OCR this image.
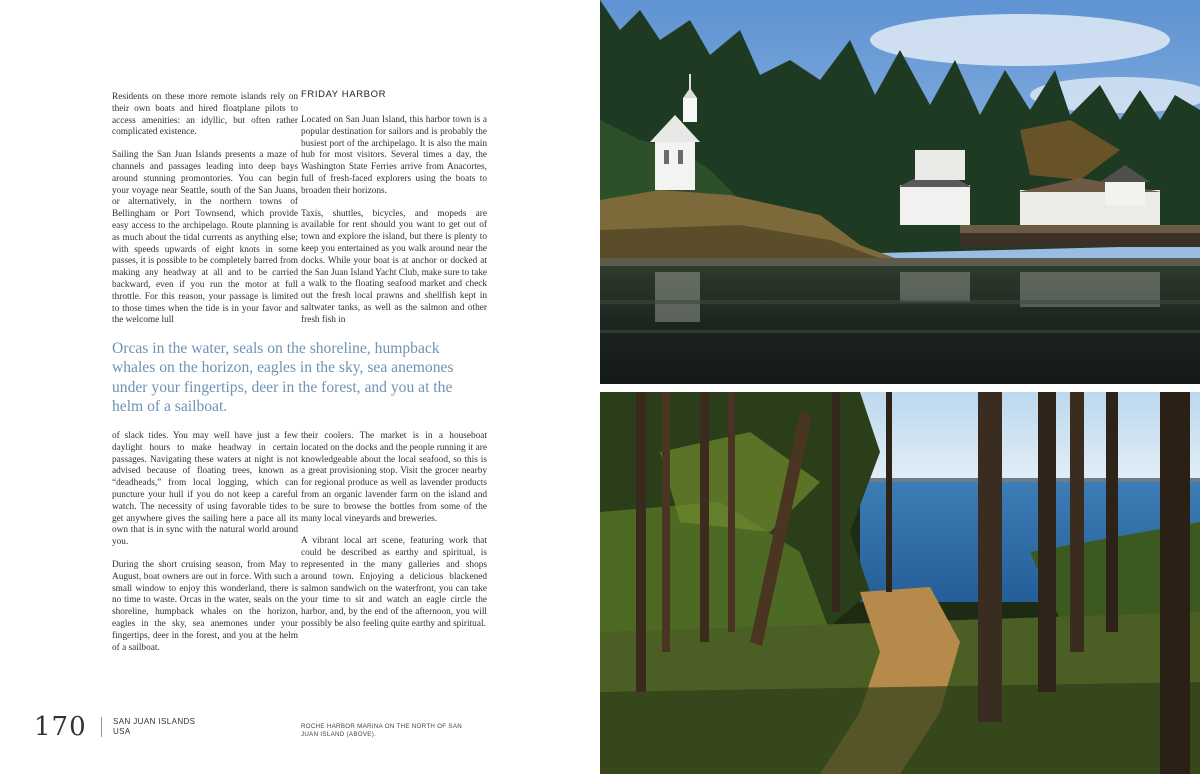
Residents on these more remote islands rely on their own boats and hired floatplane pilots to access amenities: an idyllic, but often rather complicated existence.

Sailing the San Juan Islands presents a maze of channels and passages leading into deep bays around stunning promontories. You can begin your voyage near Seattle, south of the San Juans, or alternatively, in the northern towns of Bellingham or Port Townsend, which provide easy access to the archipelago. Route planning is as much about the tidal currents as anything else; with speeds upwards of eight knots in some passes, it is possible to be completely barred from making any headway at all and to be carried backward, even if you run the motor at full throttle. For this reason, your passage is limited to those times when the tide is in your favor and the welcome lull

FRIDAY HARBOR

Located on San Juan Island, this harbor town is a popular destination for sailors and is probably the busiest port of the archipelago. It is also the main hub for most visitors. Several times a day, the Washington State Ferries arrive from Anacortes, full of fresh-faced explorers using the boats to broaden their horizons.

Taxis, shuttles, bicycles, and mopeds are available for rent should you want to get out of town and explore the island, but there is plenty to keep you entertained as you walk around near the docks. While your boat is at anchor or docked at the San Juan Island Yacht Club, make sure to take a walk to the floating seafood market and check out the fresh local prawns and shellfish kept in saltwater tanks, as well as the salmon and other fresh fish in

Orcas in the water, seals on the shoreline, humpback whales on the horizon, eagles in the sky, sea anemones under your fingertips, deer in the forest, and you at the helm of a sailboat.

of slack tides. You may well have just a few daylight hours to make headway in certain passages. Navigating these waters at night is not advised because of floating trees, known as “deadheads,” from local logging, which can puncture your hull if you do not keep a careful watch. The necessity of using favorable tides to get anywhere gives the sailing here a pace all its own that is in sync with the natural world around you.

During the short cruising season, from May to August, boat owners are out in force. With such a small window to enjoy this wonderland, there is no time to waste. Orcas in the water, seals on the shoreline, humpback whales on the horizon, eagles in the sky, sea anemones under your fingertips, deer in the forest, and you at the helm of a sailboat.

their coolers. The market is in a houseboat located on the docks and the people running it are knowledgeable about the local seafood, so this is a great provisioning stop. Visit the grocer nearby for regional produce as well as lavender products from an organic lavender farm on the island and be sure to browse the bottles from some of the many local vineyards and breweries.

A vibrant local art scene, featuring work that could be described as earthy and spiritual, is represented in the many galleries and shops around town. Enjoying a delicious blackened salmon sandwich on the waterfront, you can take your time to sit and watch an eagle circle the harbor, and, by the end of the afternoon, you will possibly be also feeling quite earthy and spiritual.

170	SAN JUAN ISLANDS
USA
ROCHE HARBOR MARINA ON THE NORTH OF SAN JUAN ISLAND (ABOVE).
